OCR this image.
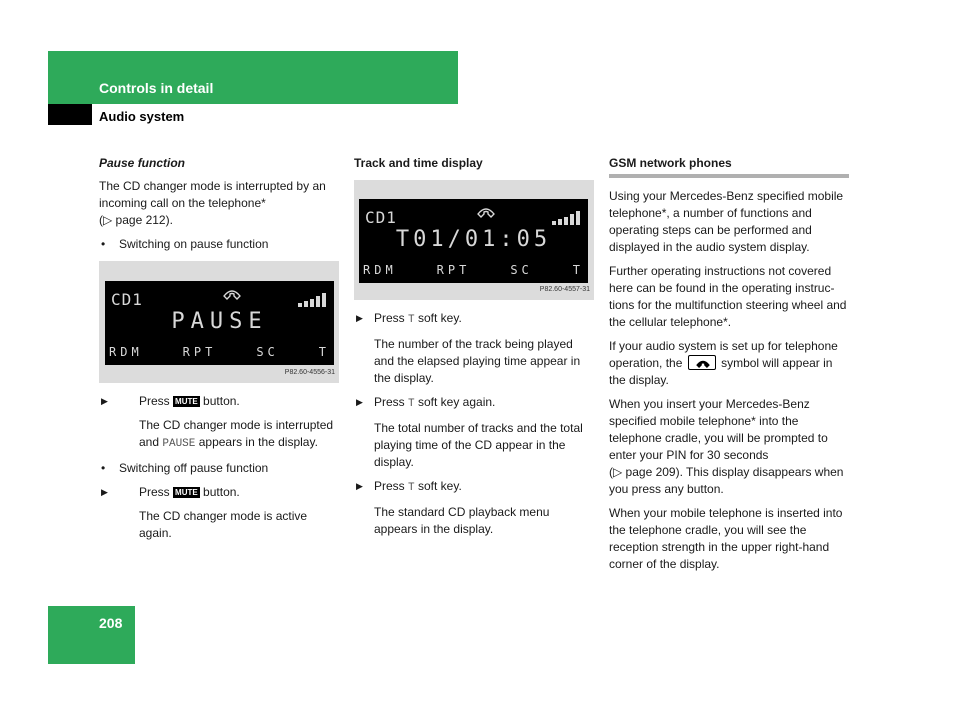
Controls in detail
Audio system
Pause function

The CD changer mode is interrupted by an incoming call on the telephone*
(▷ page 212).

• Switching on pause function
CD1
PAUSE
RDM	RPT	SC	T
P82.60-4556-31
▶ Press MUTE button.

The CD changer mode is interrupted and PAUSE appears in the display.

• Switching off pause function
▶ Press MUTE button.

The CD changer mode is active again.

Track and time display
CD1
T01/01:05
RDM	RPT	SC	T
P82.60-4557-31
▶ Press T soft key.

The number of the track being played and the elapsed playing time appear in the display.

▶ Press T soft key again.

The total number of tracks and the total playing time of the CD appear in the display.

▶ Press T soft key.

The standard CD playback menu appears in the display.

GSM network phones

Using your Mercedes-Benz specified mobile telephone*, a number of functions and operating steps can be performed and displayed in the audio system display.

Further operating instructions not covered here can be found in the operating instruc-tions for the multifunction steering wheel and the cellular telephone*.

If your audio system is set up for telephone operation, the	symbol will appear in the display.

When you insert your Mercedes-Benz specified mobile telephone* into the telephone cradle, you will be prompted to enter your PIN for 30 seconds
(▷ page 209). This display disappears when you press any button.

When your mobile telephone is inserted into the telephone cradle, you will see the reception strength in the upper right-hand corner of the display.

208
